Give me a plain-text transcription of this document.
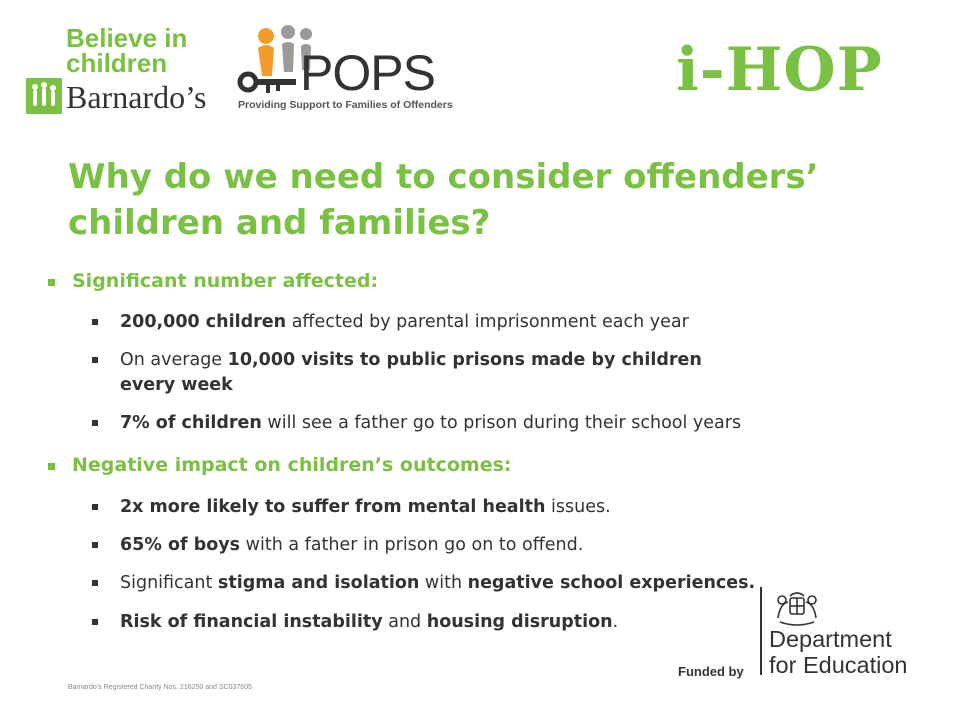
Believe in
children
Barnardo’s POPS
Providing Support to Families of Offenders	i-HOP
Why do we need to consider offenders’ children and families?
Significant number affected:
200,000 children affected by parental imprisonment each year
On average 10,000 visits to public prisons made by children
every week
7% of children will see a father go to prison during their school years
Negative impact on children’s outcomes:
2x more likely to suffer from mental health issues.
65% of boys with a father in prison go on to offend.
Significant stigma and isolation with negative school experiences.
Risk of financial instability and housing disruption.
Barnardo’s Registered Charity Nos. 216250 and SC037605
Funded by
Department
for Education
